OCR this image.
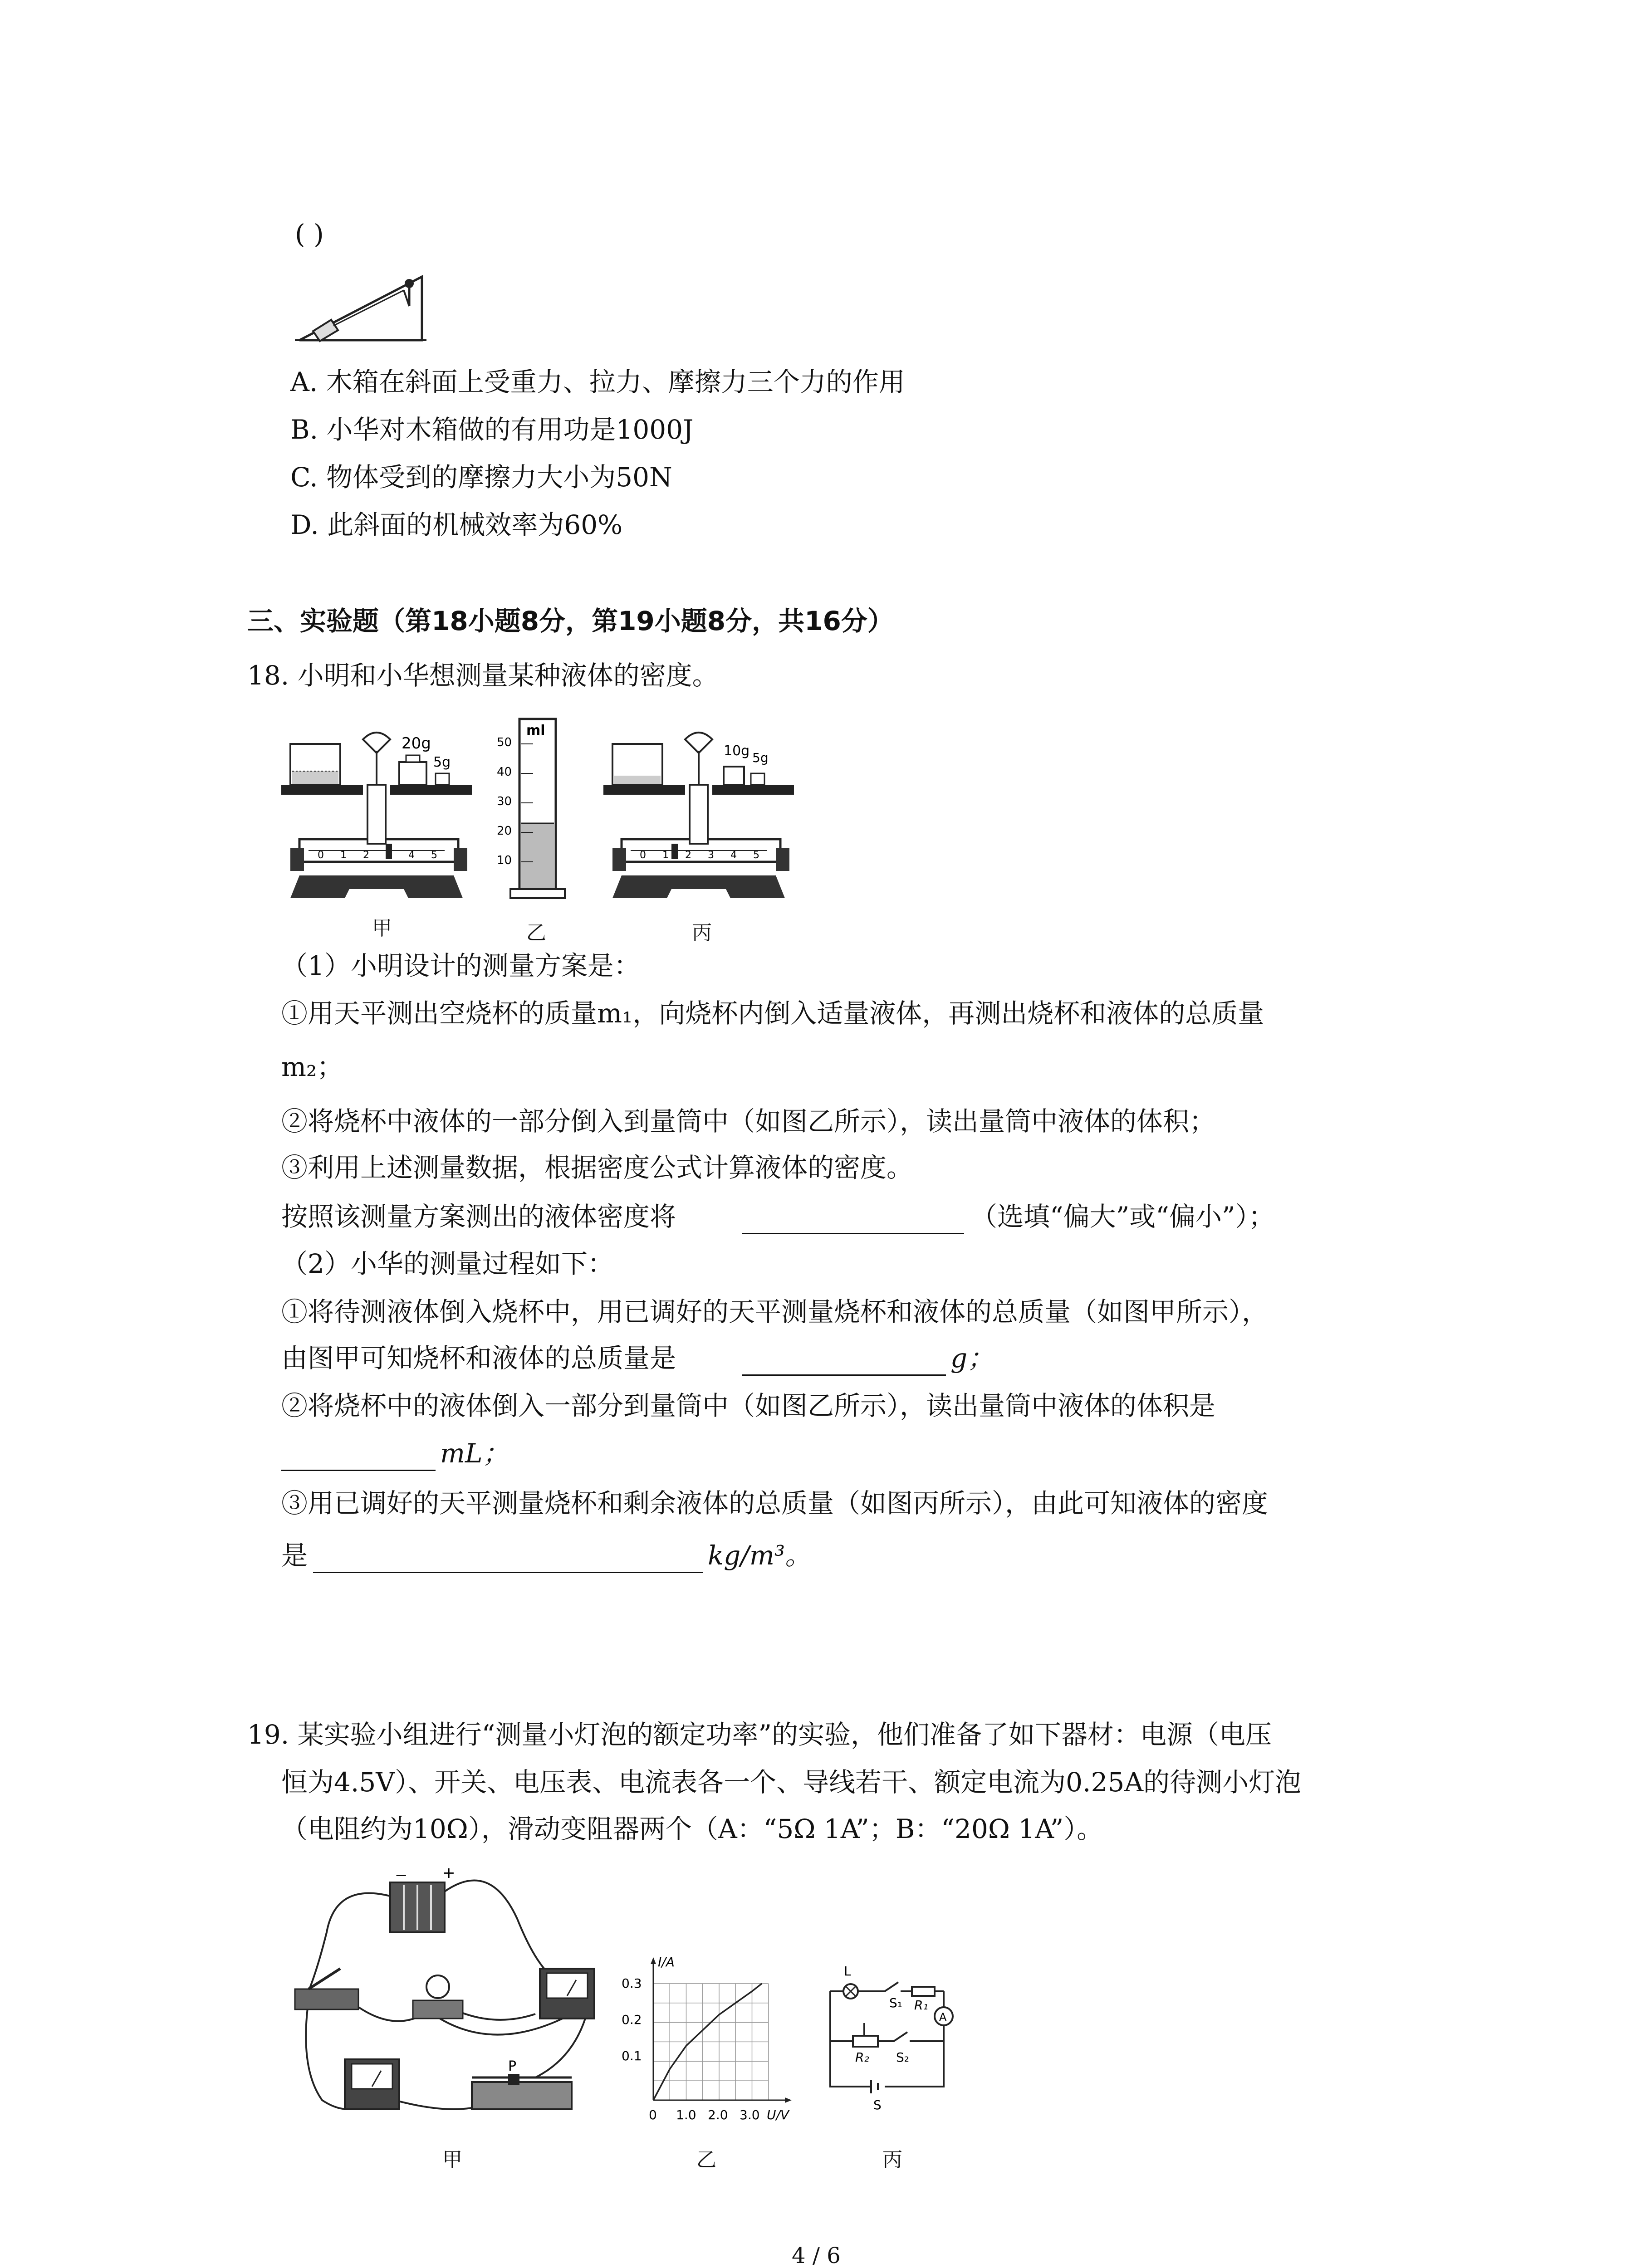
( )
A. 木箱在斜面上受重力、拉力、摩擦力三个力的作用
B. 小华对木箱做的有用功是1000J
C. 物体受到的摩擦力大小为50N
D. 此斜面的机械效率为60%
三、实验题（第18小题8分，第19小题8分，共16分）
18. 小明和小华想测量某种液体的密度。
20g
5g
0 1 2	4 5
甲
ml
50
40
30
20
10
乙
10g 5g
0 1 2 3 4 5
丙
（1）小明设计的测量方案是：
①用天平测出空烧杯的质量m₁，向烧杯内倒入适量液体，再测出烧杯和液体的总质量
m₂；
②将烧杯中液体的一部分倒入到量筒中（如图乙所示），读出量筒中液体的体积；
③利用上述测量数据，根据密度公式计算液体的密度。
按照该测量方案测出的液体密度将	（选填“偏大”或“偏小”）；
（2）小华的测量过程如下：
①将待测液体倒入烧杯中，用已调好的天平测量烧杯和液体的总质量（如图甲所示），
由图甲可知烧杯和液体的总质量是	g；
②将烧杯中的液体倒入一部分到量筒中（如图乙所示），读出量筒中液体的体积是
mL；
③用已调好的天平测量烧杯和剩余液体的总质量（如图丙所示），由此可知液体的密度
是	kg/m³。
19. 某实验小组进行“测量小灯泡的额定功率”的实验，他们准备了如下器材：电源（电压
恒为4.5V）、开关、电压表、电流表各一个、导线若干、额定电流为0.25A的待测小灯泡
（电阻约为10Ω），滑动变阻器两个（A：“5Ω 1A”；B：“20Ω 1A”）。
− +
P
甲
I/A
U/V
0.3
0.2
0.1
0 1.0 2.0 3.0
乙
L
S₁ R₁
A
R₂ S₂
S
丙
4 / 6
